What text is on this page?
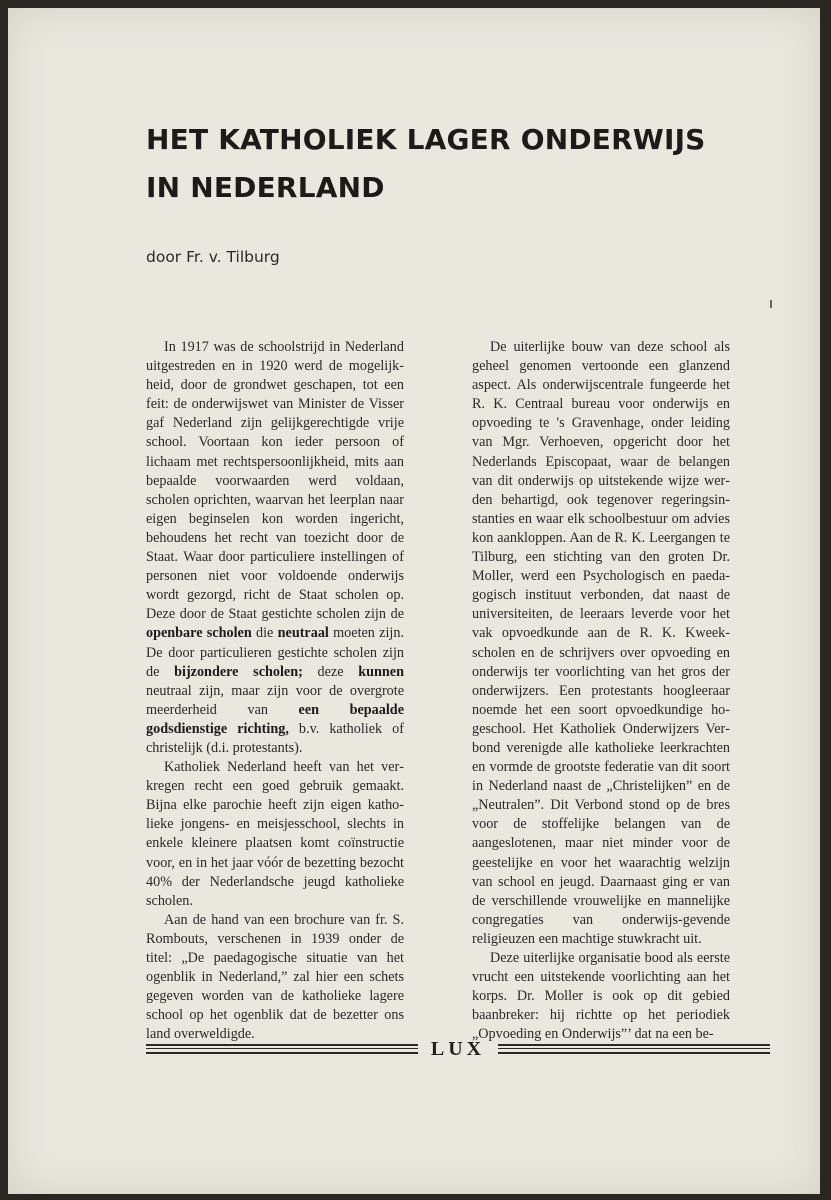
HET KATHOLIEK LAGER ONDERWIJS
IN NEDERLAND
door Fr. v. Tilburg

In 1917 was de schoolstrijd in Nederland uitgestreden en in 1920 werd de mogelijkheid, door de grondwet geschapen, tot een feit: de onderwijswet van Minister de Visser gaf Nederland zijn gelijkgerechtigde vrije school. Voortaan kon ieder persoon of lichaam met rechtspersoonlijkheid, mits aan bepaalde voorwaarden werd voldaan, scholen oprichten, waarvan het leerplan naar eigen beginselen kon worden ingericht, behoudens het recht van toezicht door de Staat. Waar door particuliere instellingen of personen niet voor voldoende onderwijs wordt gezorgd, richt de Staat scholen op. Deze door de Staat gestichte scholen zijn de openbare scholen die neutraal moeten zijn. De door particulieren gestichte scholen zijn de bijzondere scholen; deze kunnen neutraal zijn, maar zijn voor de overgrote meerderheid van een bepaalde godsdienstige richting, b.v. katholiek of christelijk (d.i. protestants).

Katholiek Nederland heeft van het verkregen recht een goed gebruik gemaakt. Bijna elke parochie heeft zijn eigen katholieke jongens- en meisjesschool, slechts in enkele kleinere plaatsen komt coïnstructie voor, en in het jaar vóór de bezetting bezocht 40% der Nederlandsche jeugd katholieke scholen.

Aan de hand van een brochure van fr. S. Rombouts, verschenen in 1939 onder de titel: „De paedagogische situatie van het ogenblik in Nederland,” zal hier een schets gegeven worden van de katholieke lagere school op het ogenblik dat de bezetter ons land overweldigde.

De uiterlijke bouw van deze school als geheel genomen vertoonde een glanzend aspect. Als onderwijscentrale fungeerde het R. K. Centraal bureau voor onderwijs en opvoeding te 's Gravenhage, onder leiding van Mgr. Verhoeven, opgericht door het Nederlands Episcopaat, waar de belangen van dit onderwijs op uitstekende wijze werden behartigd, ook tegenover regeringsinstanties en waar elk schoolbestuur om advies kon aankloppen. Aan de R. K. Leergangen te Tilburg, een stichting van den groten Dr. Moller, werd een Psychologisch en paedagogisch instituut verbonden, dat naast de universiteiten, de leeraars leverde voor het vak opvoedkunde aan de R. K. Kweekscholen en de schrijvers over opvoeding en onderwijs ter voorlichting van het gros der onderwijzers. Een protestants hoogleeraar noemde het een soort opvoedkundige hogeschool. Het Katholiek Onderwijzers Verbond verenigde alle katholieke leerkrachten en vormde de grootste federatie van dit soort in Nederland naast de „Christelijken” en de „Neutralen”. Dit Verbond stond op de bres voor de stoffelijke belangen van de aangeslotenen, maar niet minder voor de geestelijke en voor het waarachtig welzijn van school en jeugd. Daarnaast ging er van de verschillende vrouwelijke en mannelijke congregaties van onderwijs-gevende religieuzen een machtige stuwkracht uit.

Deze uiterlijke organisatie bood als eerste vrucht een uitstekende voorlichting aan het korps. Dr. Moller is ook op dit gebied baanbreker: hij richtte op het periodiek „Opvoeding en Onderwijs”’ dat na een be-

LUX
